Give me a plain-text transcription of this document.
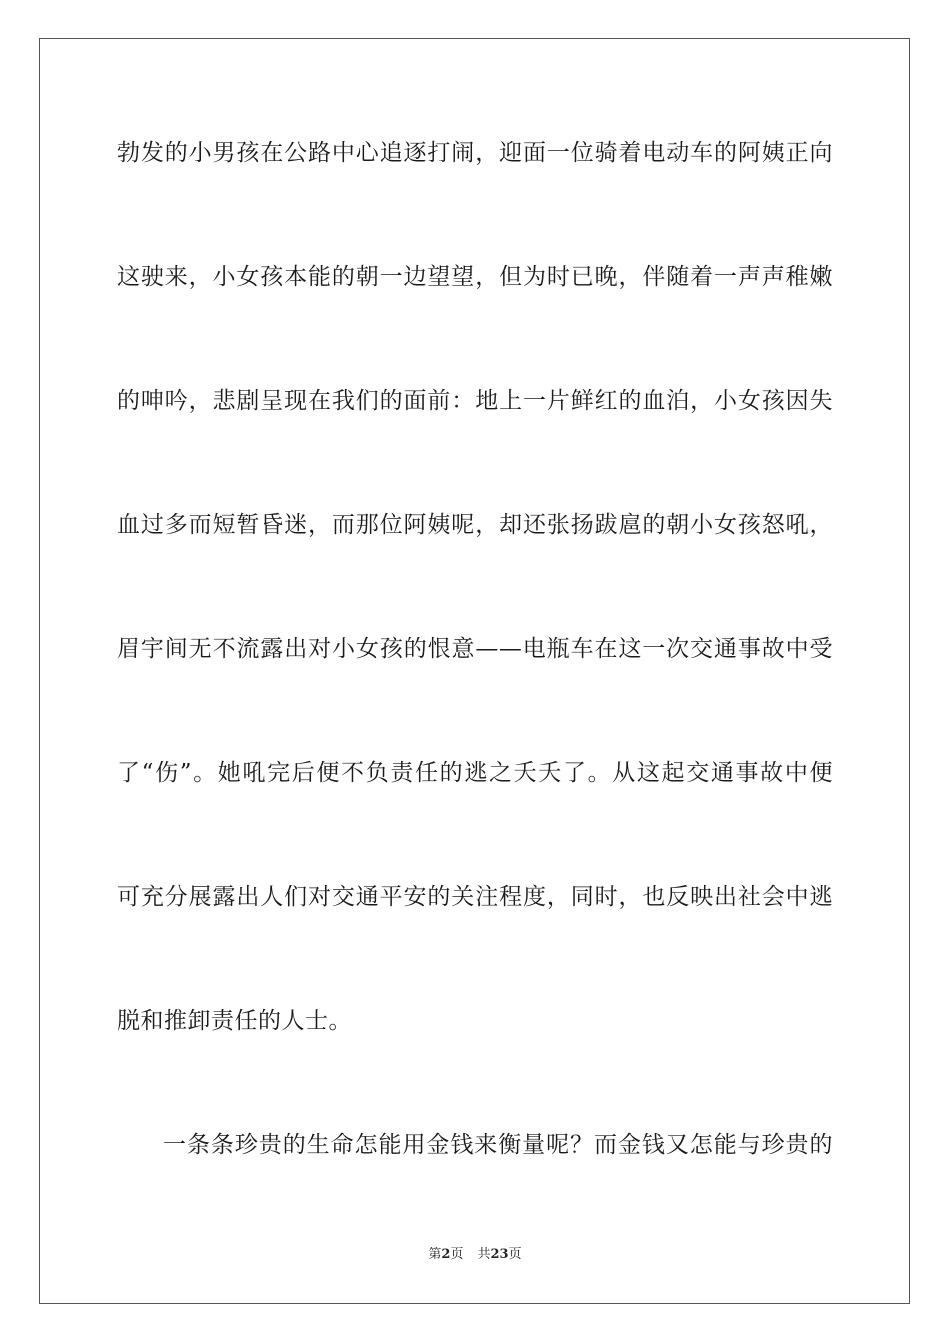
勃发的小男孩在公路中心追逐打闹，迎面一位骑着电动车的阿姨正向
这驶来，小女孩本能的朝一边望望，但为时已晚，伴随着一声声稚嫩
的呻吟，悲剧呈现在我们的面前：地上一片鲜红的血泊，小女孩因失
血过多而短暂昏迷，而那位阿姨呢，却还张扬跋扈的朝小女孩怒吼，
眉宇间无不流露出对小女孩的恨意——电瓶车在这一次交通事故中受
了“伤”。她吼完后便不负责任的逃之夭夭了。从这起交通事故中便
可充分展露出人们对交通平安的关注程度，同时，也反映出社会中逃
脱和推卸责任的人士。
一条条珍贵的生命怎能用金钱来衡量呢？而金钱又怎能与珍贵的
第2页 共23页
